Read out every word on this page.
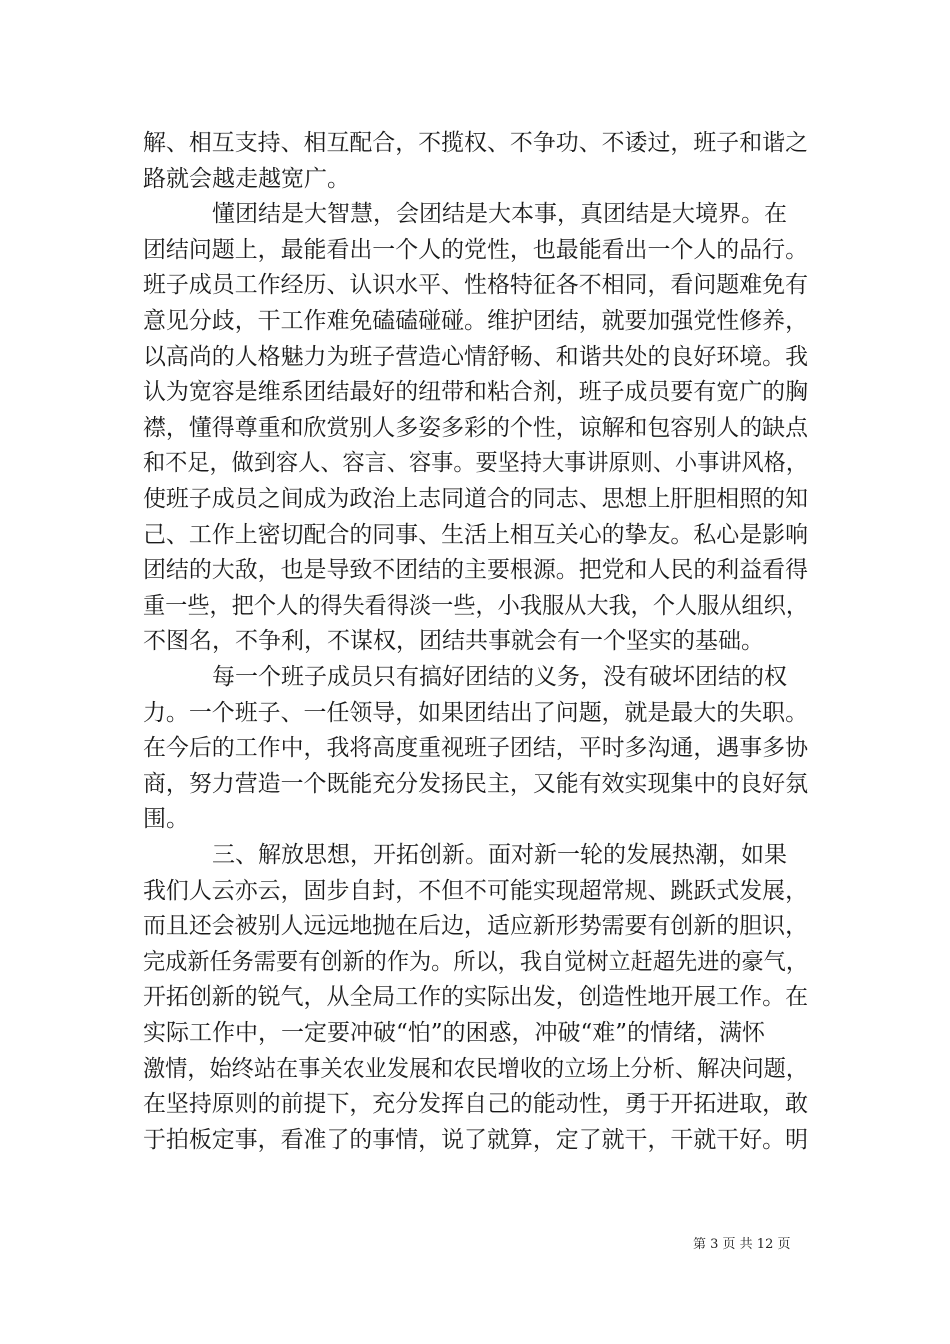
解、相互支持、相互配合，不揽权、不争功、不诿过，班子和谐之
路就会越走越宽广。
　　　懂团结是大智慧，会团结是大本事，真团结是大境界。在
团结问题上，最能看出一个人的党性，也最能看出一个人的品行。
班子成员工作经历、认识水平、性格特征各不相同，看问题难免有
意见分歧，干工作难免磕磕碰碰。维护团结，就要加强党性修养，
以高尚的人格魅力为班子营造心情舒畅、和谐共处的良好环境。我
认为宽容是维系团结最好的纽带和粘合剂，班子成员要有宽广的胸
襟，懂得尊重和欣赏别人多姿多彩的个性，谅解和包容别人的缺点
和不足，做到容人、容言、容事。要坚持大事讲原则、小事讲风格，
使班子成员之间成为政治上志同道合的同志、思想上肝胆相照的知
己、工作上密切配合的同事、生活上相互关心的挚友。私心是影响
团结的大敌，也是导致不团结的主要根源。把党和人民的利益看得
重一些，把个人的得失看得淡一些，小我服从大我，个人服从组织，
不图名，不争利，不谋权，团结共事就会有一个坚实的基础。
　　　每一个班子成员只有搞好团结的义务，没有破坏团结的权
力。一个班子、一任领导，如果团结出了问题，就是最大的失职。
在今后的工作中，我将高度重视班子团结，平时多沟通，遇事多协
商，努力营造一个既能充分发扬民主，又能有效实现集中的良好氛
围。
　　　三、解放思想，开拓创新。面对新一轮的发展热潮，如果
我们人云亦云，固步自封，不但不可能实现超常规、跳跃式发展，
而且还会被别人远远地抛在后边，适应新形势需要有创新的胆识，
完成新任务需要有创新的作为。所以，我自觉树立赶超先进的豪气，
开拓创新的锐气，从全局工作的实际出发，创造性地开展工作。在
实际工作中，一定要冲破“怕”的困惑，冲破“难”的情绪，满怀
激情，始终站在事关农业发展和农民增收的立场上分析、解决问题，
在坚持原则的前提下，充分发挥自己的能动性，勇于开拓进取，敢
于拍板定事，看准了的事情，说了就算，定了就干，干就干好。明
第 3 页 共 12 页
